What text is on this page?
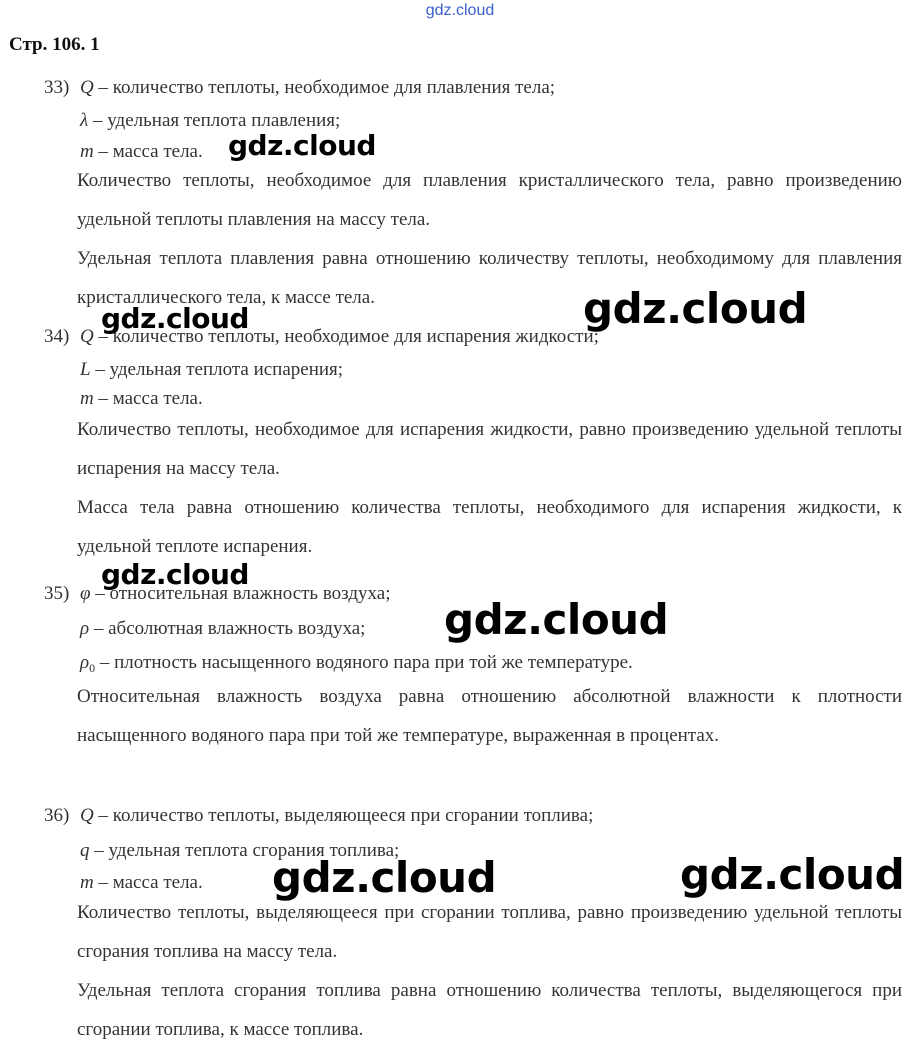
gdz.cloud
Стр. 106. 1
33) Q – количество теплоты, необходимое для плавления тела;
λ – удельная теплота плавления;
m – масса тела.
Количество теплоты, необходимое для плавления кристаллического тела, равно произведению удельной теплоты плавления на массу тела.
Удельная теплота плавления равна отношению количеству теплоты, необходимому для плавления кристаллического тела, к массе тела.
34) Q – количество теплоты, необходимое для испарения жидкости;
L – удельная теплота испарения;
m – масса тела.
Количество теплоты, необходимое для испарения жидкости, равно произведению удельной теплоты испарения на массу тела.
Масса тела равна отношению количества теплоты, необходимого для испарения жидкости, к удельной теплоте испарения.
35) φ – относительная влажность воздуха;
ρ – абсолютная влажность воздуха;
$\rho_0$ – плотность насыщенного водяного пара при той же температуре.
Относительная влажность воздуха равна отношению абсолютной влажности к плотности насыщенного водяного пара при той же температуре, выраженная в процентах.
36) Q – количество теплоты, выделяющееся при сгорании топлива;
q – удельная теплота сгорания топлива;
m – масса тела.
Количество теплоты, выделяющееся при сгорании топлива, равно произведению удельной теплоты сгорания топлива на массу тела.
Удельная теплота сгорания топлива равна отношению количества теплоты, выделяющегося при сгорании топлива, к массе топлива.
gdz.cloud
gdz.cloud	gdz.cloud
gdz.cloud
gdz.cloud
gdz.cloud	gdz.cloud
